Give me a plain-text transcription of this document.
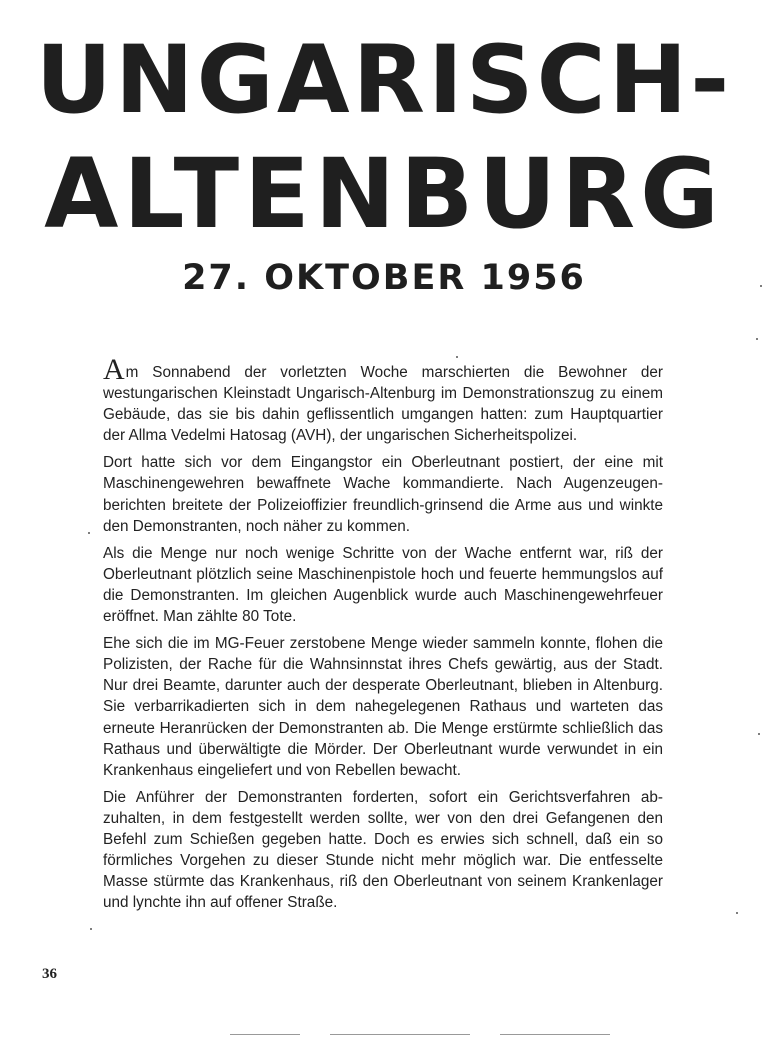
UNGARISCH-
ALTENBURG
27. OKTOBER 1956

Am Sonnabend der vorletzten Woche marschierten die Bewohner der westungarischen Kleinstadt Ungarisch-Altenburg im Demonstrationszug zu einem Gebäude, das sie bis dahin geflissentlich umgangen hatten: zum Hauptquartier der Allma Vedelmi Hatosag (AVH), der ungarischen Sicherheitspolizei.

Dort hatte sich vor dem Eingangstor ein Oberleutnant postiert, der eine mit Maschinengewehren bewaffnete Wache kommandierte. Nach Augenzeugenberichten breitete der Polizeioffizier freundlich-grinsend die Arme aus und winkte den Demonstranten, noch näher zu kommen.

Als die Menge nur noch wenige Schritte von der Wache entfernt war, riß der Oberleutnant plötzlich seine Maschinenpistole hoch und feuerte hemmungslos auf die Demonstranten. Im gleichen Augenblick wurde auch Maschinengewehrfeuer eröffnet. Man zählte 80 Tote.

Ehe sich die im MG-Feuer zerstobene Menge wieder sammeln konnte, flohen die Polizisten, der Rache für die Wahnsinnstat ihres Chefs gewärtig, aus der Stadt. Nur drei Beamte, darunter auch der desperate Oberleutnant, blieben in Altenburg. Sie verbarrikadierten sich in dem nahegelegenen Rathaus und warteten das erneute Heranrücken der Demonstranten ab. Die Menge erstürmte schließlich das Rathaus und überwältigte die Mörder. Der Oberleutnant wurde verwundet in ein Krankenhaus eingeliefert und von Rebellen bewacht.

Die Anführer der Demonstranten forderten, sofort ein Gerichtsverfahren abzuhalten, in dem festgestellt werden sollte, wer von den drei Gefangenen den Befehl zum Schießen gegeben hatte. Doch es erwies sich schnell, daß ein so förmliches Vorgehen zu dieser Stunde nicht mehr möglich war. Die entfesselte Masse stürmte das Krankenhaus, riß den Oberleutnant von seinem Krankenlager und lynchte ihn auf offener Straße.

36
